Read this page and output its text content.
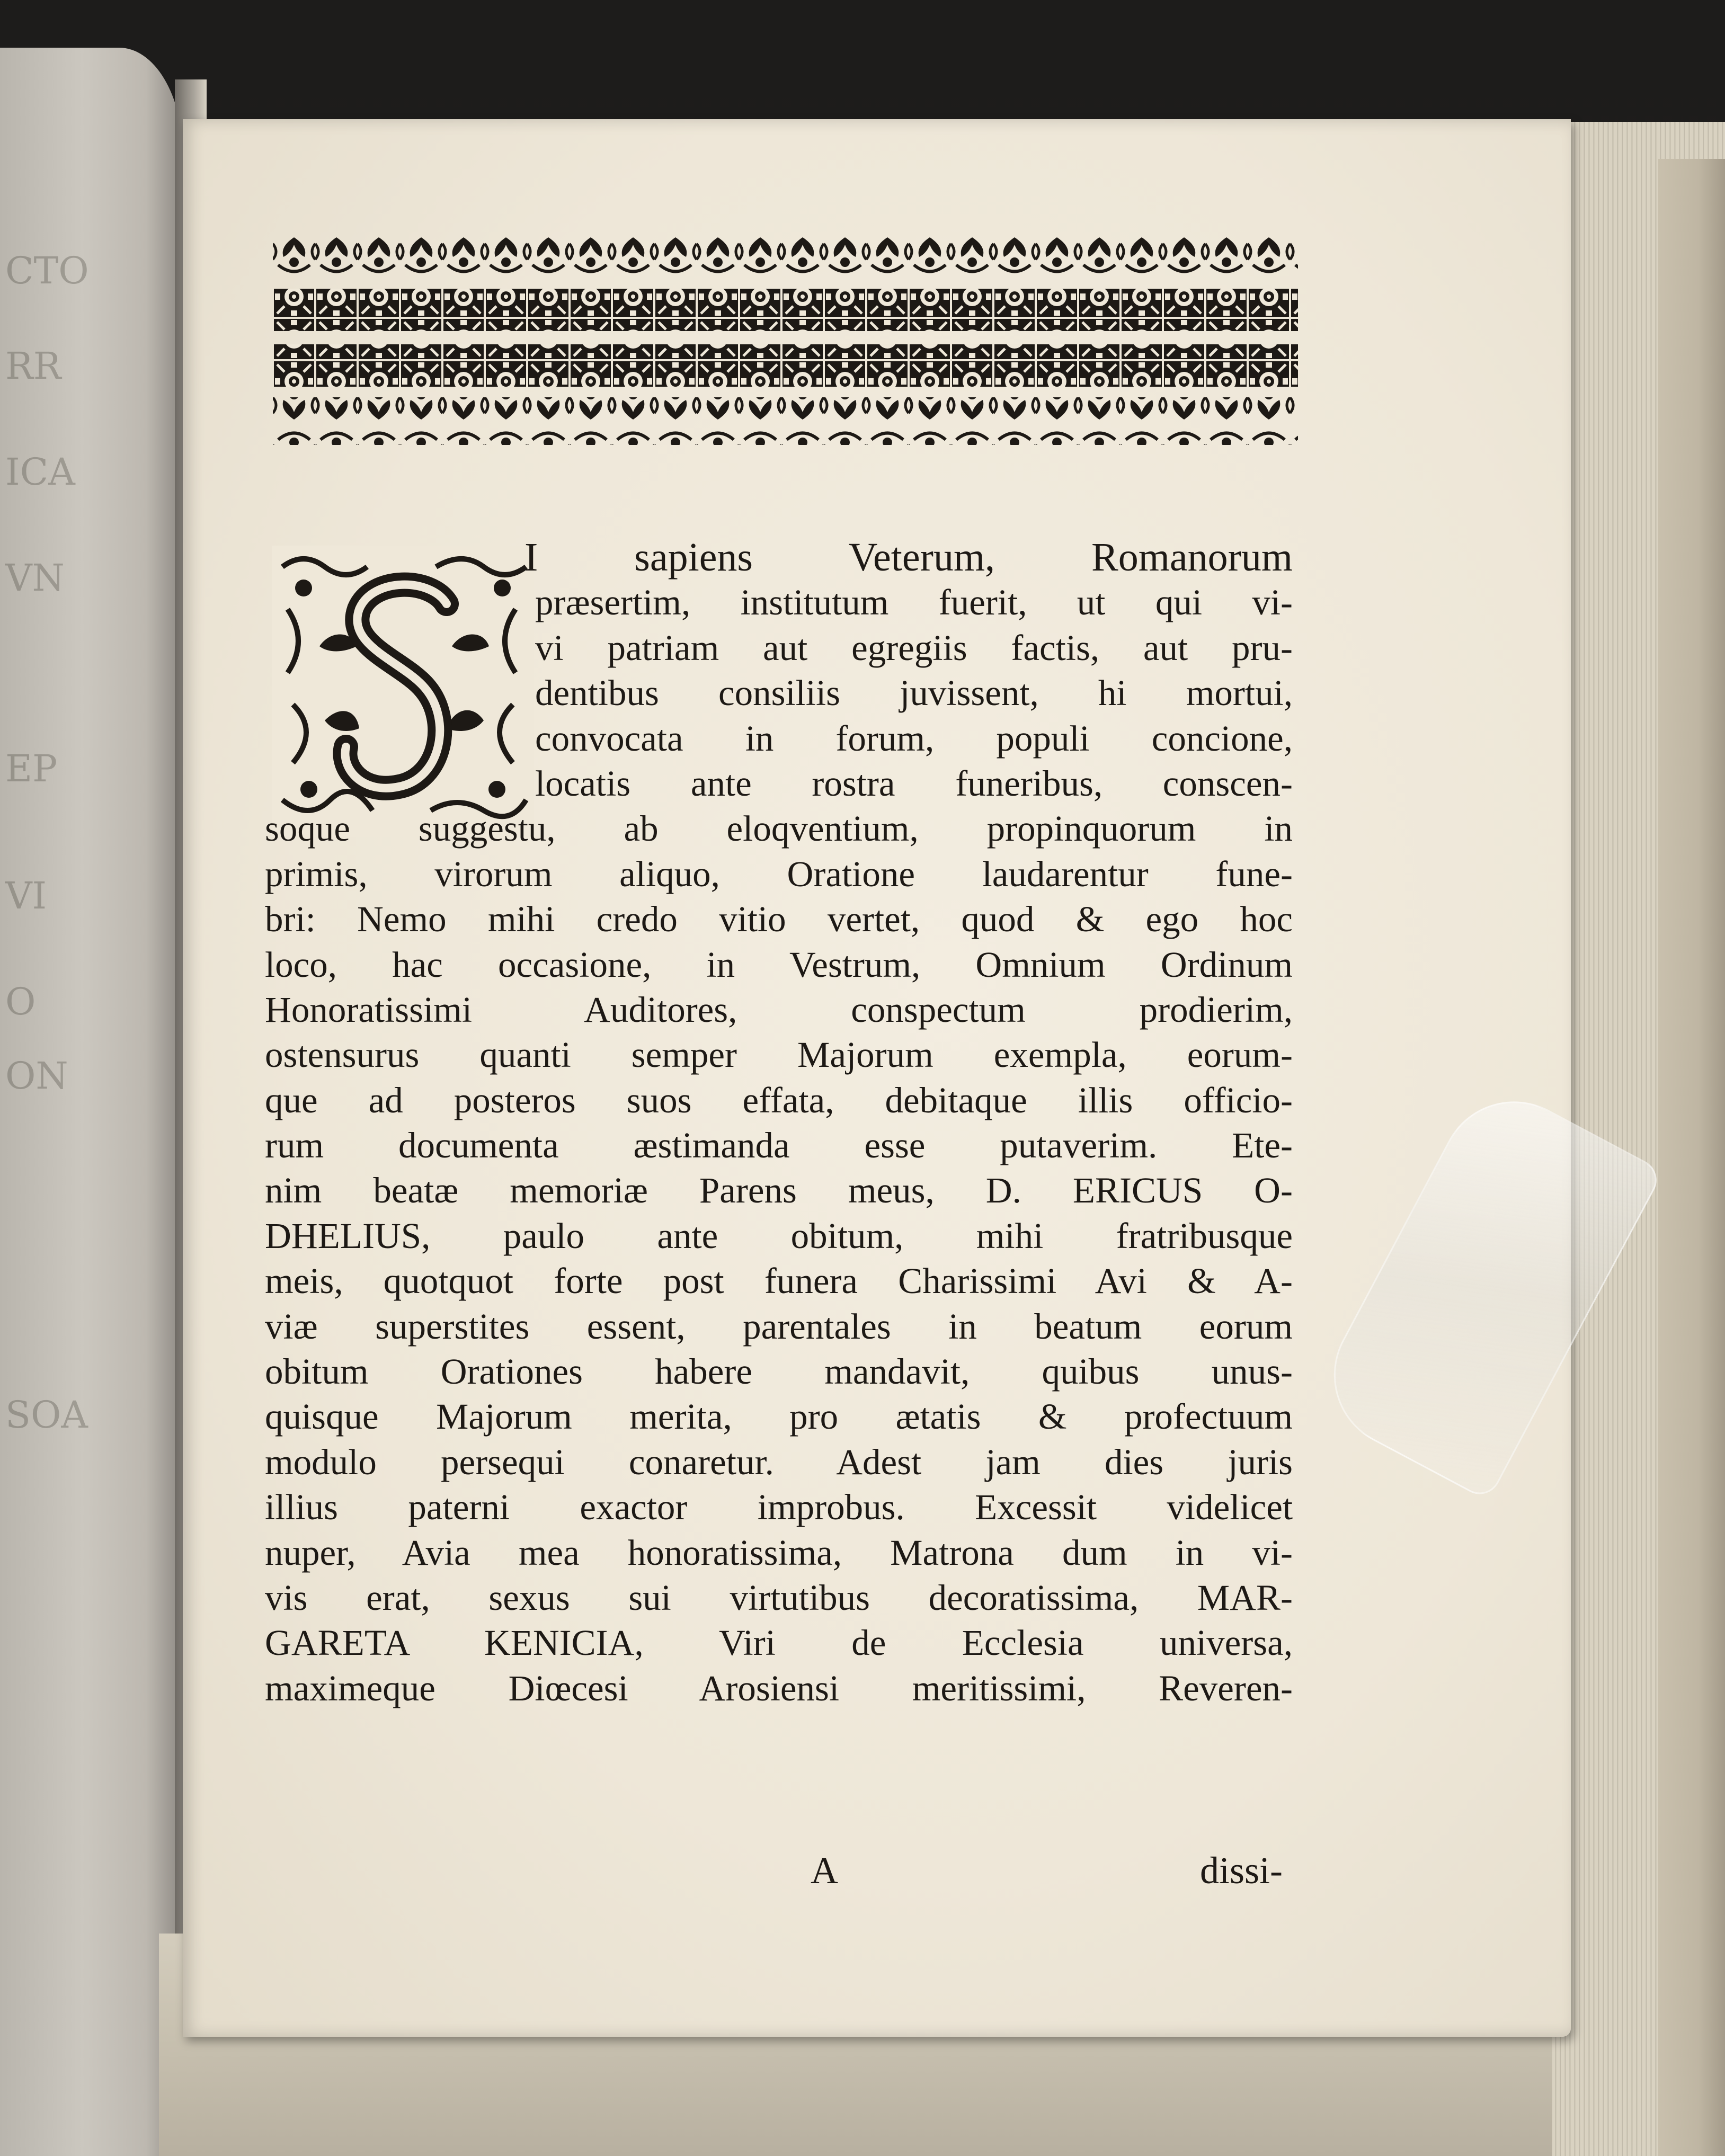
CTO
RR
ICA
VN
EP
VI
O
ON
SOA
S
I sapiens Veterum, Romanorum
præsertim, institutum fuerit, ut qui vi-
vi patriam aut egregiis factis, aut pru-
dentibus consiliis juvissent, hi mortui,
convocata in forum, populi concione,
locatis ante rostra funeribus, conscen-
soque suggestu, ab eloqventium, propinquorum in
primis, virorum aliquo, Oratione laudarentur fune-
bri: Nemo mihi credo vitio vertet, quod & ego hoc
loco, hac occasione, in Vestrum, Omnium Ordinum
Honoratissimi Auditores, conspectum prodierim,
ostensurus quanti semper Majorum exempla, eorum-
que ad posteros suos effata, debitaque illis officio-
rum documenta æstimanda esse putaverim. Ete-
nim beatæ memoriæ Parens meus, D. ERICUS O-
DHELIUS, paulo ante obitum, mihi fratribusque
meis, quotquot forte post funera Charissimi Avi & A-
viæ superstites essent, parentales in beatum eorum
obitum Orationes habere mandavit, quibus unus-
quisque Majorum merita, pro ætatis & profectuum
modulo persequi conaretur. Adest jam dies juris
illius paterni exactor improbus. Excessit videlicet
nuper, Avia mea honoratissima, Matrona dum in vi-
vis erat, sexus sui virtutibus decoratissima, MAR-
GARETA KENICIA, Viri de Ecclesia universa,
maximeque Diœcesi Arosiensi meritissimi, Reveren-
A	dissi-
